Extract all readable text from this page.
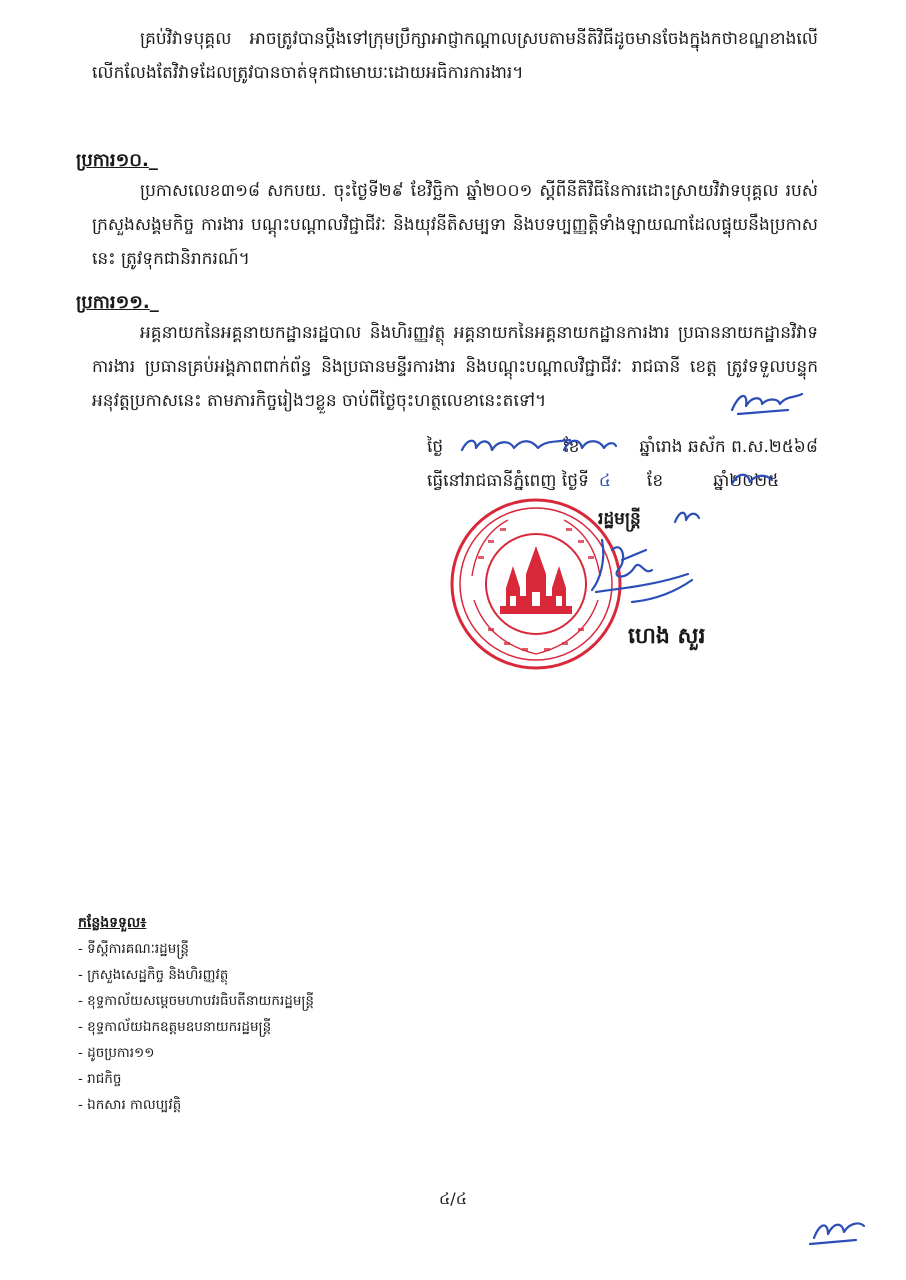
គ្រប់វិវាទបុគ្គល អាចត្រូវបានប្តឹងទៅក្រុមប្រឹក្សាអាជ្ញាកណ្តាលស្របតាមនីតិវិធីដូចមានចែងក្នុងកថាខណ្ឌខាងលើ លើកលែងតែវិវាទដែលត្រូវបានចាត់ទុកជាមោឃៈដោយអធិការការងារ។

ប្រការ១០._

ប្រកាសលេខ៣១៨ សកបយ. ចុះថ្ងៃទី២៩ ខែវិច្ឆិកា ឆ្នាំ២០០១ ស្តីពីនីតិវិធីនៃការដោះស្រាយវិវាទបុគ្គល របស់ក្រសួងសង្គមកិច្ច ការងារ បណ្តុះបណ្តាលវិជ្ជាជីវៈ និងយុវនីតិសម្បទា និងបទប្បញ្ញត្តិទាំងឡាយណាដែលផ្ទុយនឹងប្រកាសនេះ ត្រូវទុកជានិរាករណ៍។

ប្រការ១១._

អគ្គនាយកនៃអគ្គនាយកដ្ឋានរដ្ឋបាល និងហិរញ្ញវត្ថុ អគ្គនាយកនៃអគ្គនាយកដ្ឋានការងារ ប្រធាននាយកដ្ឋានវិវាទការងារ ប្រធានគ្រប់អង្គភាពពាក់ព័ន្ធ និងប្រធានមន្ទីរការងារ និងបណ្តុះបណ្តាលវិជ្ជាជីវៈ រាជធានី ខេត្ត ត្រូវទទួលបន្ទុកអនុវត្តប្រកាសនេះ តាមភារកិច្ចរៀងៗខ្លួន ចាប់ពីថ្ងៃចុះហត្ថលេខានេះតទៅ។

ថ្ងៃ	ខែ	ឆ្នាំរោង ឆស័ក ព.ស.២៥៦៨
ធ្វើនៅរាជធានីភ្នំពេញ ថ្ងៃទី ៤ ខែ	ឆ្នាំ២០២៥
រដ្ឋមន្ត្រី
ហេង សួរ
កន្លែងទទួល៖
- ទីស្តីការគណៈរដ្ឋមន្ត្រី
- ក្រសួងសេដ្ឋកិច្ច និងហិរញ្ញវត្ថុ
- ខុទ្ទកាល័យសម្តេចមហាបវរធិបតីនាយករដ្ឋមន្ត្រី
- ខុទ្ទកាល័យឯកឧត្តមឧបនាយករដ្ឋមន្ត្រី
- ដូចប្រការ១១
- រាជកិច្ច
- ឯកសារ កាលប្បវត្តិ
៤/៤
